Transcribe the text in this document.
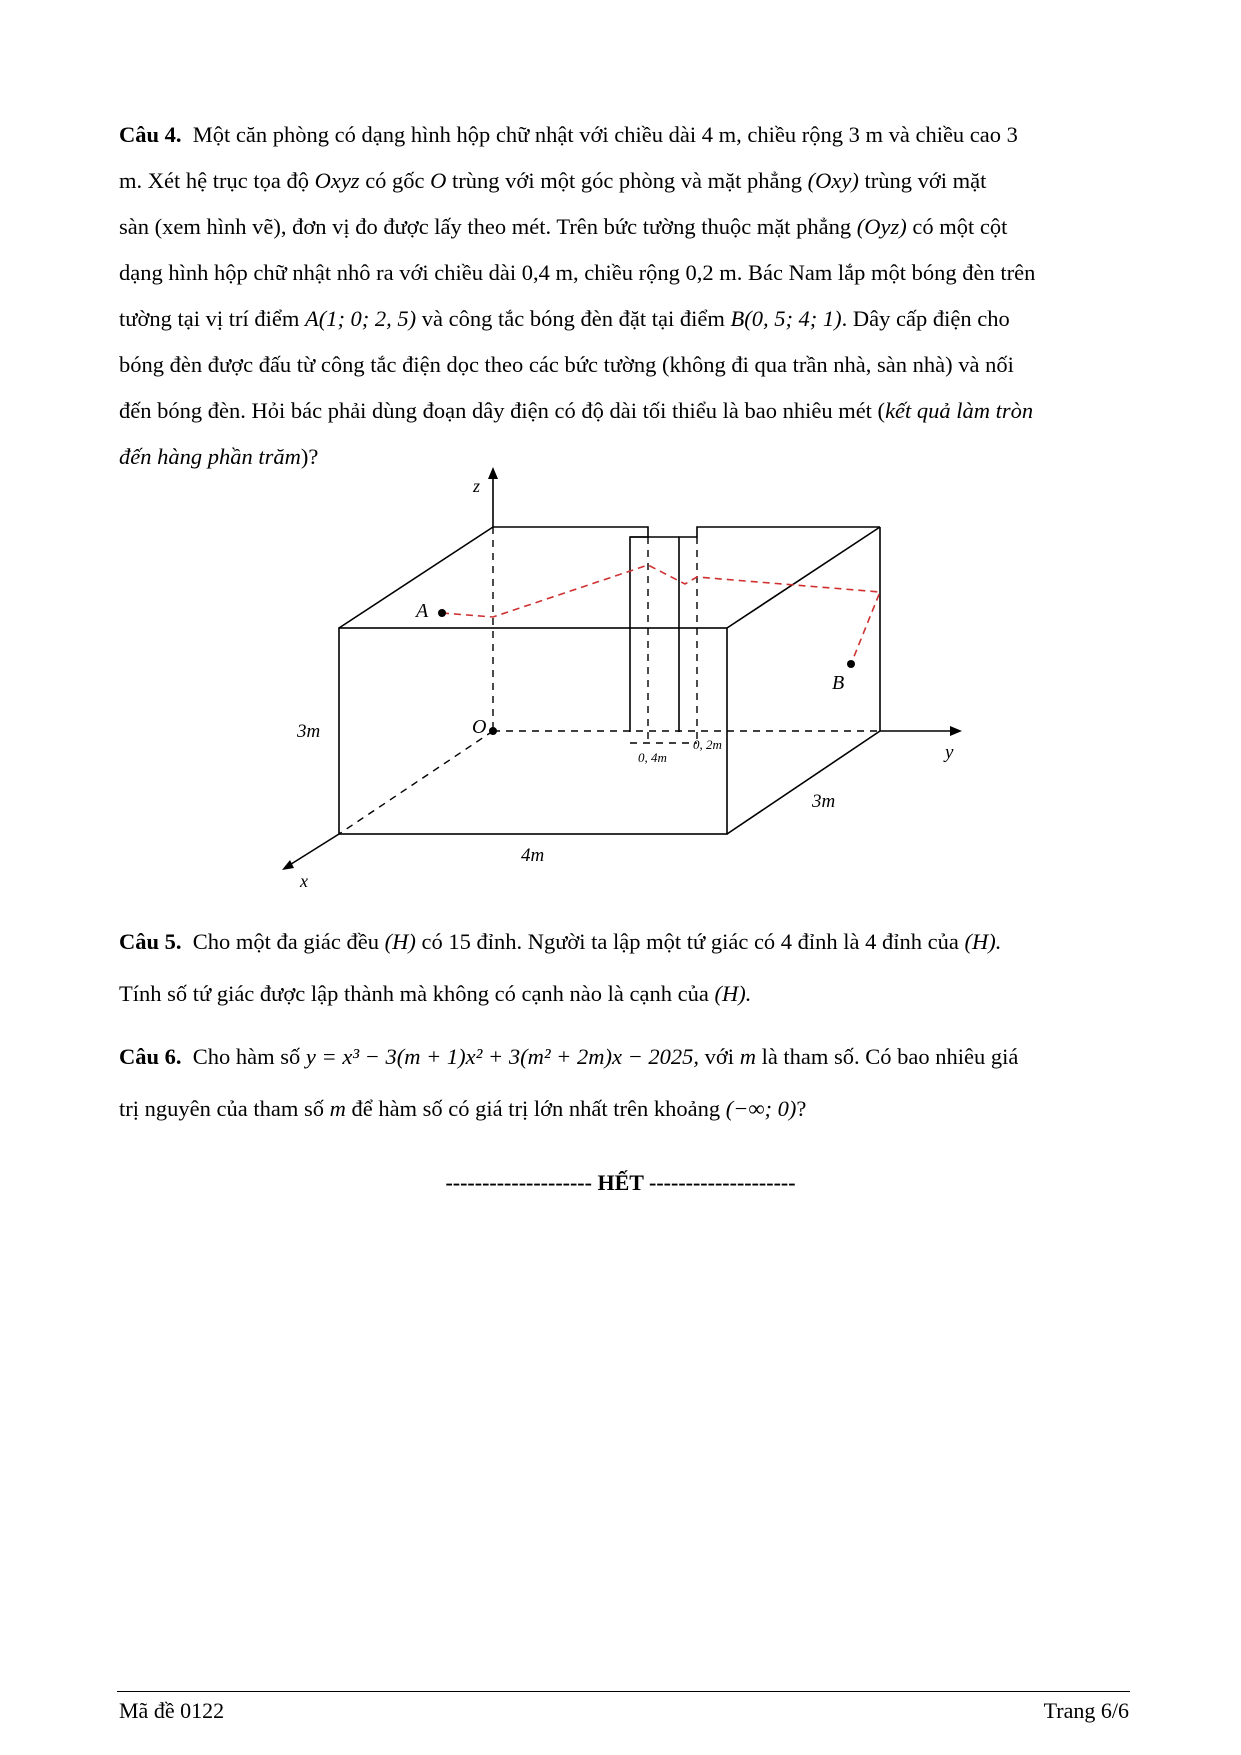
Câu 4. Một căn phòng có dạng hình hộp chữ nhật với chiều dài 4 m, chiều rộng 3 m và chiều cao 3
m. Xét hệ trục tọa độ Oxyz có gốc O trùng với một góc phòng và mặt phẳng (Oxy) trùng với mặt
sàn (xem hình vẽ), đơn vị đo được lấy theo mét. Trên bức tường thuộc mặt phẳng (Oyz) có một cột
dạng hình hộp chữ nhật nhô ra với chiều dài 0,4 m, chiều rộng 0,2 m. Bác Nam lắp một bóng đèn trên
tường tại vị trí điểm A(1; 0; 2, 5) và công tắc bóng đèn đặt tại điểm B(0, 5; 4; 1). Dây cấp điện cho
bóng đèn được đấu từ công tắc điện dọc theo các bức tường (không đi qua trần nhà, sàn nhà) và nối
đến bóng đèn. Hỏi bác phải dùng đoạn dây điện có độ dài tối thiểu là bao nhiêu mét (kết quả làm tròn
đến hàng phần trăm)?
z
y
x
A
B
O
3m
4m
3m
0, 4m
0, 2m
Câu 5. Cho một đa giác đều (H) có 15 đỉnh. Người ta lập một tứ giác có 4 đỉnh là 4 đỉnh của (H).
Tính số tứ giác được lập thành mà không có cạnh nào là cạnh của (H).
Câu 6. Cho hàm số y = x³ − 3(m + 1)x² + 3(m² + 2m)x − 2025, với m là tham số. Có bao nhiêu giá
trị nguyên của tham số m để hàm số có giá trị lớn nhất trên khoảng (−∞; 0)?
-------------------- HẾT --------------------
Mã đề 0122	Trang 6/6
